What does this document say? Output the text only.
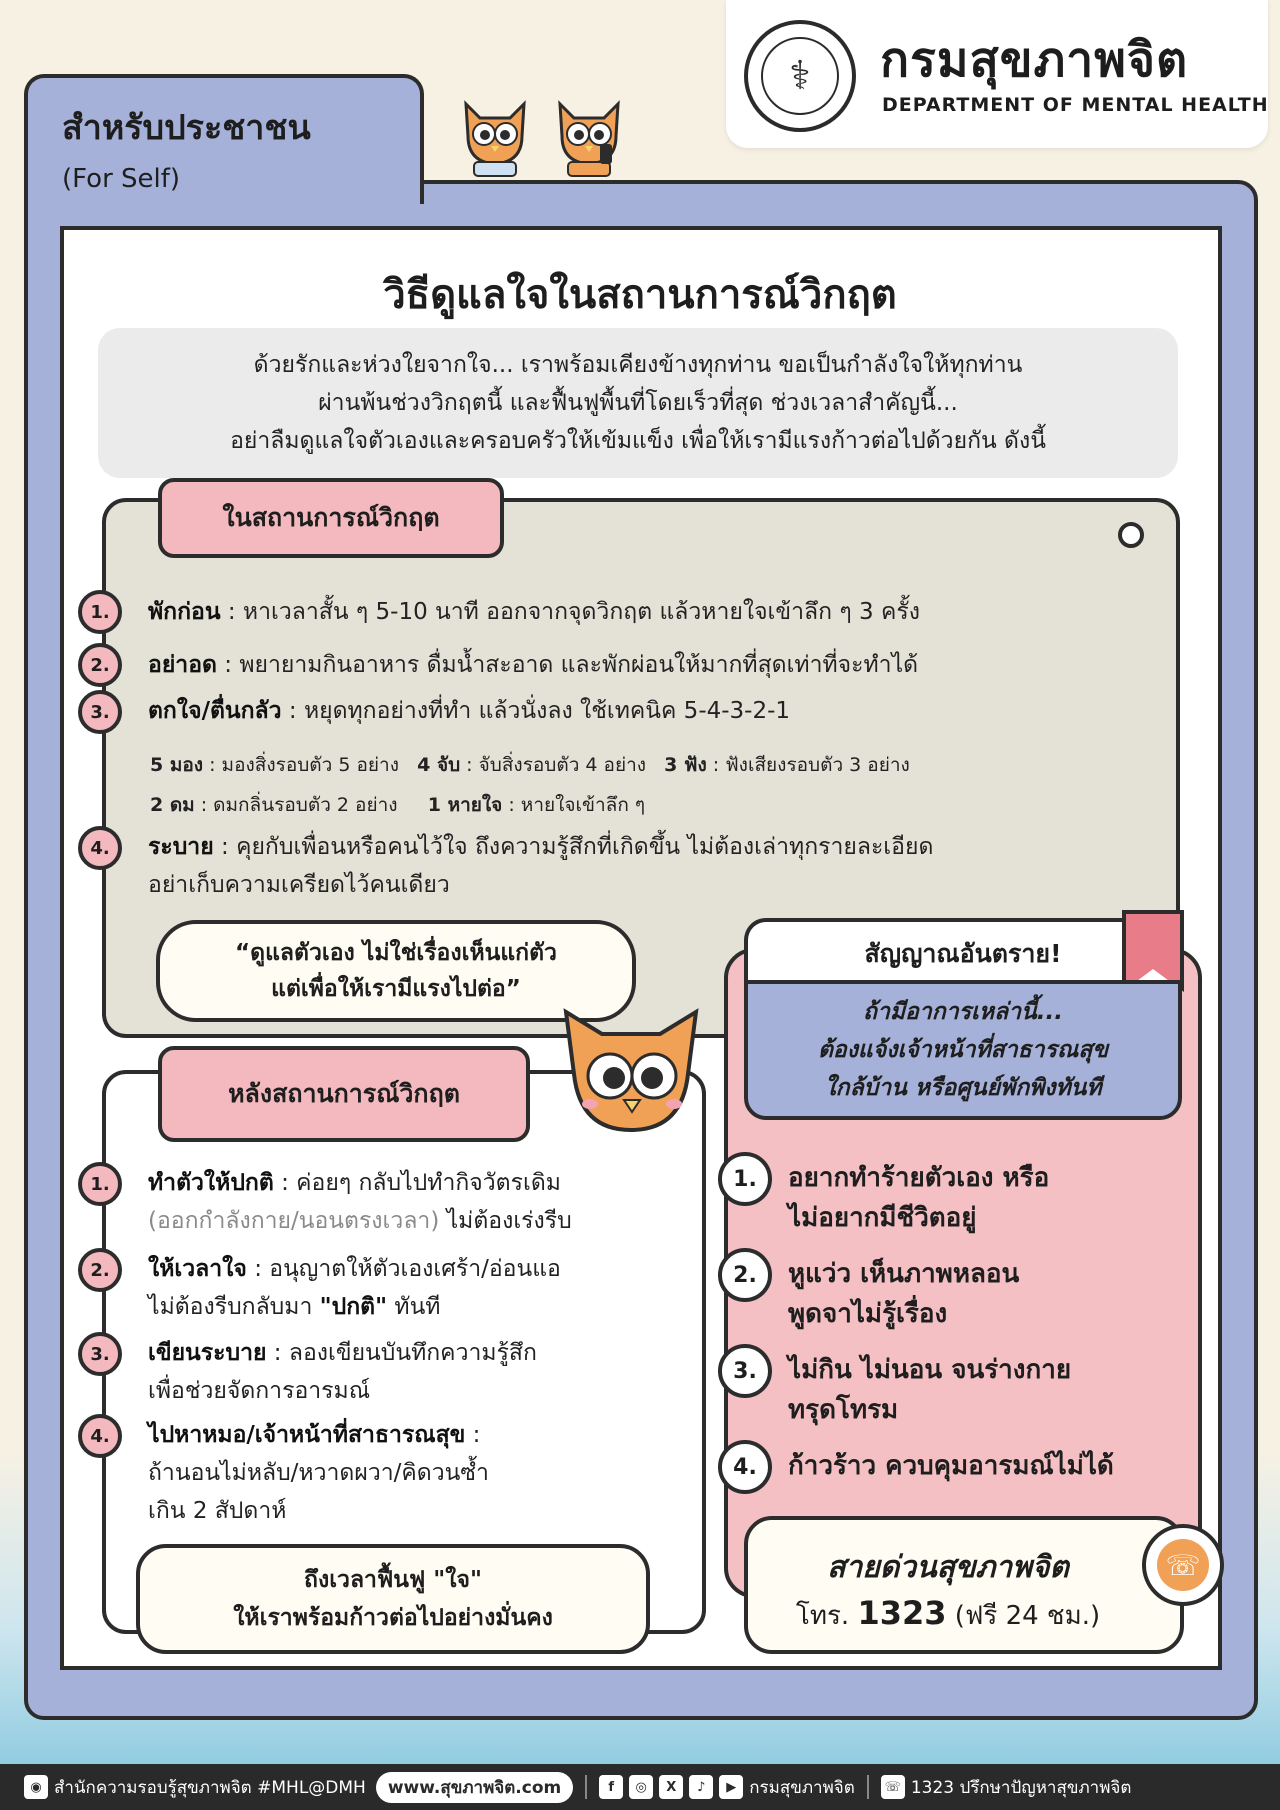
⚕	กรมสุขภาพจิต
DEPARTMENT OF MENTAL HEALTH
สำหรับประชาชน
(For Self)
วิธีดูแลใจในสถานการณ์วิกฤต
ด้วยรักและห่วงใยจากใจ... เราพร้อมเคียงข้างทุกท่าน ขอเป็นกำลังใจให้ทุกท่าน
ผ่านพ้นช่วงวิกฤตนี้ และฟื้นฟูพื้นที่โดยเร็วที่สุด ช่วงเวลาสำคัญนี้...
อย่าลืมดูแลใจตัวเองและครอบครัวให้เข้มแข็ง เพื่อให้เรามีแรงก้าวต่อไปด้วยกัน ดังนี้
ในสถานการณ์วิกฤต
1.	พักก่อน : หาเวลาสั้น ๆ 5-10 นาที ออกจากจุดวิกฤต แล้วหายใจเข้าลึก ๆ 3 ครั้ง
2.	อย่าอด : พยายามกินอาหาร ดื่มน้ำสะอาด และพักผ่อนให้มากที่สุดเท่าที่จะทำได้
3.	ตกใจ/ตื่นกลัว : หยุดทุกอย่างที่ทำ แล้วนั่งลง ใช้เทคนิค 5-4-3-2-1
5 มอง : มองสิ่งรอบตัว 5 อย่าง 4 จับ : จับสิ่งรอบตัว 4 อย่าง 3 ฟัง : ฟังเสียงรอบตัว 3 อย่าง
2 ดม : ดมกลิ่นรอบตัว 2 อย่าง 1 หายใจ : หายใจเข้าลึก ๆ
4.	ระบาย : คุยกับเพื่อนหรือคนไว้ใจ ถึงความรู้สึกที่เกิดขึ้น ไม่ต้องเล่าทุกรายละเอียด
อย่าเก็บความเครียดไว้คนเดียว
“ดูแลตัวเอง ไม่ใช่เรื่องเห็นแก่ตัว
แต่เพื่อให้เรามีแรงไปต่อ”
หลังสถานการณ์วิกฤต
1.	ทำตัวให้ปกติ : ค่อยๆ กลับไปทำกิจวัตรเดิม
(ออกกำลังกาย/นอนตรงเวลา) ไม่ต้องเร่งรีบ
2.	ให้เวลาใจ : อนุญาตให้ตัวเองเศร้า/อ่อนแอ
ไม่ต้องรีบกลับมา "ปกติ" ทันที
3.	เขียนระบาย : ลองเขียนบันทึกความรู้สึก
เพื่อช่วยจัดการอารมณ์
4.	ไปหาหมอ/เจ้าหน้าที่สาธารณสุข :
ถ้านอนไม่หลับ/หวาดผวา/คิดวนซ้ำ
เกิน 2 สัปดาห์
ถึงเวลาฟื้นฟู "ใจ"
ให้เราพร้อมก้าวต่อไปอย่างมั่นคง
สัญญาณอันตราย!
ถ้ามีอาการเหล่านี้...
ต้องแจ้งเจ้าหน้าที่สาธารณสุข
ใกล้บ้าน หรือศูนย์พักพิงทันที
1.	อยากทำร้ายตัวเอง หรือ
ไม่อยากมีชีวิตอยู่
2.	หูแว่ว เห็นภาพหลอน
พูดจาไม่รู้เรื่อง
3.	ไม่กิน ไม่นอน จนร่างกาย
ทรุดโทรม
4.	ก้าวร้าว ควบคุมอารมณ์ไม่ได้
สายด่วนสุขภาพจิต
โทร. 1323 (ฟรี 24 ชม.)
☏
◉ สำนักความรอบรู้สุขภาพจิต #MHL@DMH	www.สุขภาพจิต.com	f	◎	X	♪	▶ กรมสุขภาพจิต ☏ 1323 ปรึกษาปัญหาสุขภาพจิต
